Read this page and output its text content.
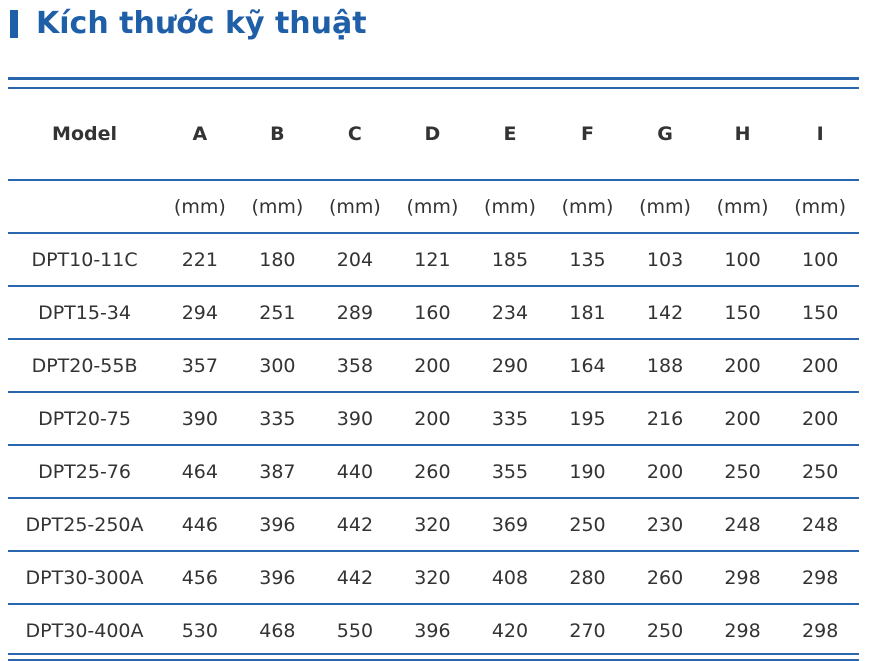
Kích thước kỹ thuật
Model	A	B	C	D	E	F	G	H	I
	(mm)	(mm)	(mm)	(mm)	(mm)	(mm)	(mm)	(mm)	(mm)
DPT10-11C	221	180	204	121	185	135	103	100	100
DPT15-34	294	251	289	160	234	181	142	150	150
DPT20-55B	357	300	358	200	290	164	188	200	200
DPT20-75	390	335	390	200	335	195	216	200	200
DPT25-76	464	387	440	260	355	190	200	250	250
DPT25-250A	446	396	442	320	369	250	230	248	248
DPT30-300A	456	396	442	320	408	280	260	298	298
DPT30-400A	530	468	550	396	420	270	250	298	298
